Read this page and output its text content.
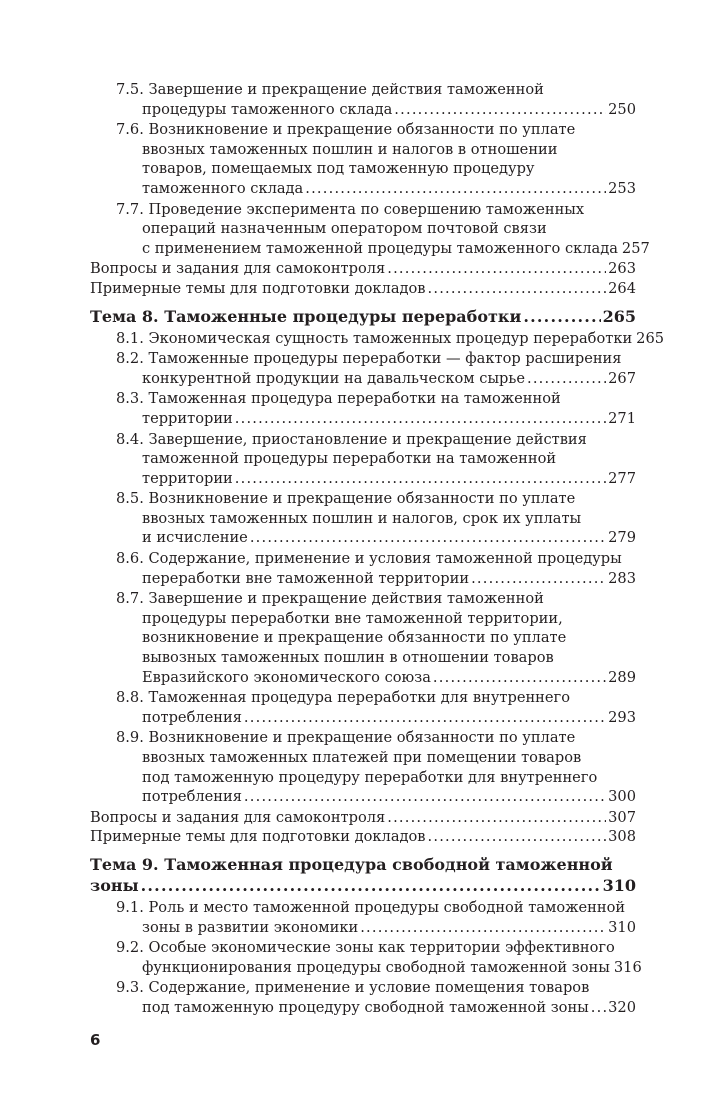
7.5. Завершение и прекращение действия таможенной
процедуры таможенного склада .....	250
7.6. Возникновение и прекращение обязанности по уплате
ввозных таможенных пошлин и налогов в отношении
товаров, помещаемых под таможенную процедуру
таможенного склада .....	253
7.7. Проведение эксперимента по совершению таможенных
операций назначенным оператором почтовой связи
с применением таможенной процедуры таможенного склада 257
Вопросы и задания для самоконтроля .....	263
Примерные темы для подготовки докладов .....	264
Тема 8. Таможенные процедуры переработки .....	265
8.1. Экономическая сущность таможенных процедур переработки 265
8.2. Таможенные процедуры переработки — фактор расширения
конкурентной продукции на давальческом сырье .....	267
8.3. Таможенная процедура переработки на таможенной
территории .....	271
8.4. Завершение, приостановление и прекращение действия
таможенной процедуры переработки на таможенной
территории .....	277
8.5. Возникновение и прекращение обязанности по уплате
ввозных таможенных пошлин и налогов, срок их уплаты
и исчисление .....	279
8.6. Содержание, применение и условия таможенной процедуры
переработки вне таможенной территории .....	283
8.7. Завершение и прекращение действия таможенной
процедуры переработки вне таможенной территории,
возникновение и прекращение обязанности по уплате
вывозных таможенных пошлин в отношении товаров
Евразийского экономического союза .....	289
8.8. Таможенная процедура переработки для внутреннего
потребления .....	293
8.9. Возникновение и прекращение обязанности по уплате
ввозных таможенных платежей при помещении товаров
под таможенную процедуру переработки для внутреннего
потребления .....	300
Вопросы и задания для самоконтроля .....	307
Примерные темы для подготовки докладов .....	308
Тема 9. Таможенная процедура свободной таможенной
зоны .....	310
9.1. Роль и место таможенной процедуры свободной таможенной
зоны в развитии экономики .....	310
9.2. Особые экономические зоны как территории эффективного
функционирования процедуры свободной таможенной зоны 316
9.3. Содержание, применение и условие помещения товаров
под таможенную процедуру свободной таможенной зоны ..... 320
6
